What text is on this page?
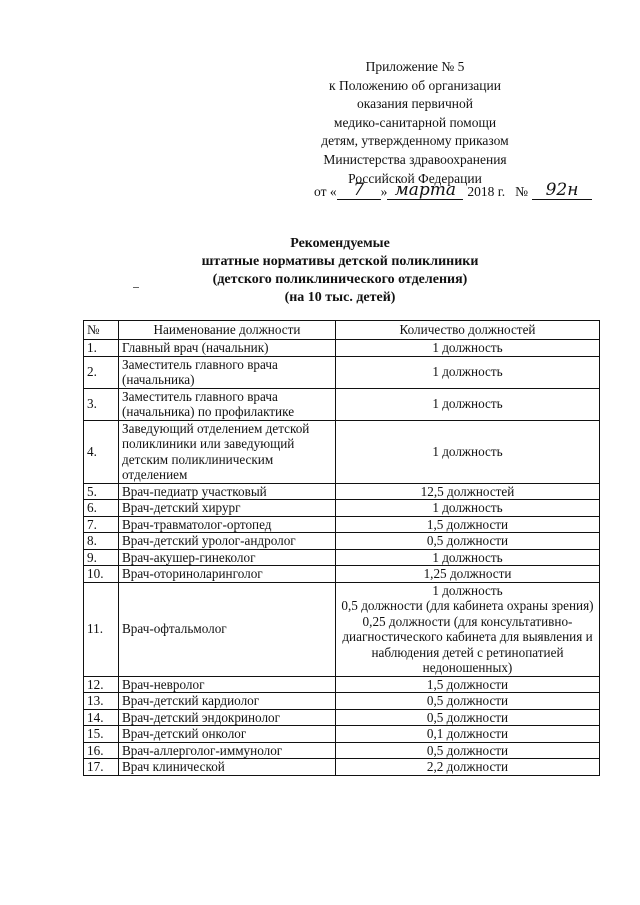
Приложение № 5
к Положению об организации
оказания первичной
медико-санитарной помощи
детям, утвержденному приказом
Министерства здравоохранения
Российской Федерации
от « 7	» марта 2018 г. №	92н
Рекомендуемые
штатные нормативы детской поликлиники
(детского поликлинического отделения)
(на 10 тыс. детей)
№	Наименование должности	Количество должностей
1.	Главный врач (начальник)	1 должность
2.	Заместитель главного врача (начальника)	1 должность
3.	Заместитель главного врача (начальника) по профилактике	1 должность
4.	Заведующий отделением детской поликлиники или заведующий детским поликлиническим отделением	1 должность
5.	Врач-педиатр участковый	12,5 должностей
6.	Врач-детский хирург	1 должность
7.	Врач-травматолог-ортопед	1,5 должности
8.	Врач-детский уролог-андролог	0,5 должности
9.	Врач-акушер-гинеколог	1 должность
10.	Врач-оториноларинголог	1,25 должности
11.	Врач-офтальмолог	1 должность
0,5 должности (для кабинета охраны зрения)
0,25 должности (для консультативно-диагностического кабинета для выявления и наблюдения детей с ретинопатией недоношенных)
12.	Врач-невролог	1,5 должности
13.	Врач-детский кардиолог	0,5 должности
14.	Врач-детский эндокринолог	0,5 должности
15.	Врач-детский онколог	0,1 должности
16.	Врач-аллерголог-иммунолог	0,5 должности
17.	Врач клинической	2,2 должности
